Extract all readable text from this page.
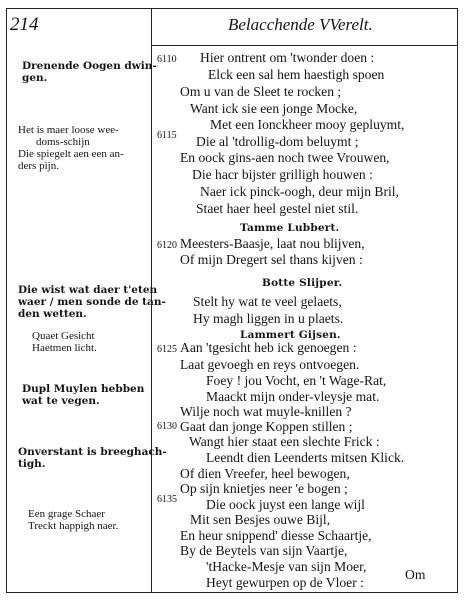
214	Belacchende VVerelt.
Drenende Oogen dwin-
gen.
Het is maer loose wee-
doms-schijn
Die spiegelt aen een an-
ders pijn.
Die wist wat daer t'eten
waer / men sonde de tan-
den wetten.
Quaet Gesicht
Haetmen licht.
Dupl Muylen hebben
wat te vegen.
Onverstant is breeghach-
tigh.
Een grage Schaer
Treckt happigh naer.
6110
6115
6120
6125
6130
6135
Hier ontrent om 'twonder doen :
Elck een sal hem haestigh spoen
Om u van de Sleet te rocken ;
Want ick sie een jonge Mocke,
Met een Ionckheer mooy gepluymt,
Die al 'tdrollig-dom beluymt ;
En oock gins-aen noch twee Vrouwen,
Die hacr bijster grilligh houwen :
Naer ick pinck-oogh, deur mijn Bril,
Staet haer heel gestel niet stil.
Tamme Lubbert.
Meesters-Baasje, laat nou blijven,
Of mijn Dregert sel thans kijven :
Botte Slijper.
Stelt hy wat te veel gelaets,
Hy magh liggen in u plaets.
Lammert Gijsen.
Aan 'tgesicht heb ick genoegen :
Laat gevoegh en reys ontvoegen.
Foey ! jou Vocht, en 't Wage-Rat,
Maackt mijn onder-vleysje mat.
Wilje noch wat muyle-knillen ?
Gaat dan jonge Koppen stillen ;
Wangt hier staat een slechte Frick :
Leendt dien Leenderts mitsen Klick.
Of dien Vreefer, heel bewogen,
Op sijn knietjes neer 'e bogen ;
Die oock juyst een lange wijl
Mit sen Besjes ouwe Bijl,
En heur snippend' diesse Schaartje,
By de Beytels van sijn Vaartje,
'tHacke-Mesje van sijn Moer,
Heyt gewurpen op de Vloer :
Om
